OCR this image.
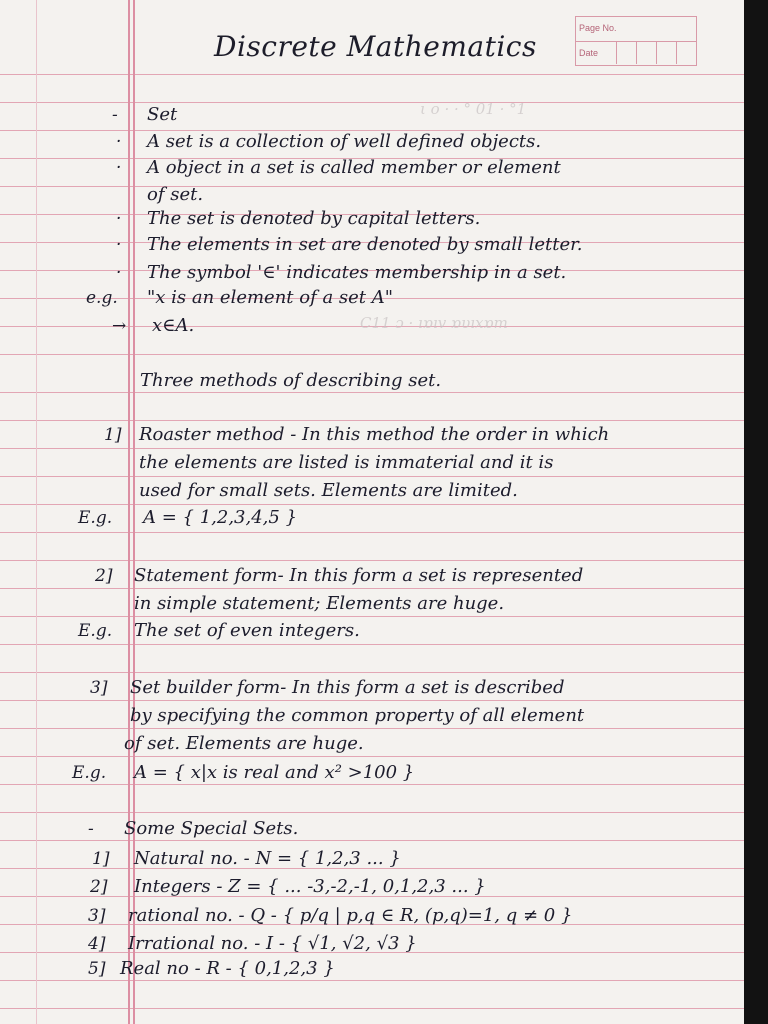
Page No.
Date
ι ο · · ° 01 · °1
C11 ɔ · ıɒıv ɒυıxɒm
Discrete Mathematics
- Set
· A set is a collection of well defined objects.
· A object in a set is called member or element
of set.
· The set is denoted by capital letters.
· The elements in set are denoted by small letter.
· The symbol '∈' indicates membership in a set.
e.g. "x is an element of a set A"
→ x∈A.
Three methods of describing set.
1] Roaster method - In this method the order in which
the elements are listed is immaterial and it is
used for small sets. Elements are limited.
E.g. A = { 1,2,3,4,5 }
2] Statement form- In this form a set is represented
in simple statement; Elements are huge.
E.g. The set of even integers.
3] Set builder form- In this form a set is described
by specifying the common property of all element
of set. Elements are huge.
E.g. A = { x|x is real and x² >100 }
- Some Special Sets.
1] Natural no. - N = { 1,2,3 ... }
2] Integers - Z = { ... -3,-2,-1, 0,1,2,3 ... }
3] rational no. - Q - { p/q | p,q ∈ R, (p,q)=1, q ≠ 0 }
4] Irrational no. - I - { √1, √2, √3 }
5] Real no - R - { 0,1,2,3 }
